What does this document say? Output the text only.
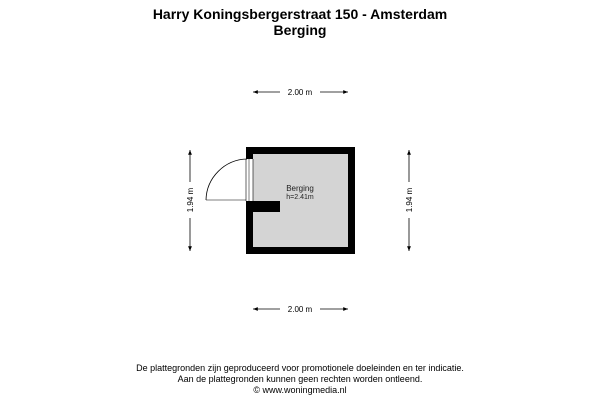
Harry Koningsbergerstraat 150 - Amsterdam
Berging
2.00 m
2.00 m
1.94 m	1.94 m
Berging
h=2.41m
De plattegronden zijn geproduceerd voor promotionele doeleinden en ter indicatie.
Aan de plattegronden kunnen geen rechten worden ontleend.
© www.woningmedia.nl
